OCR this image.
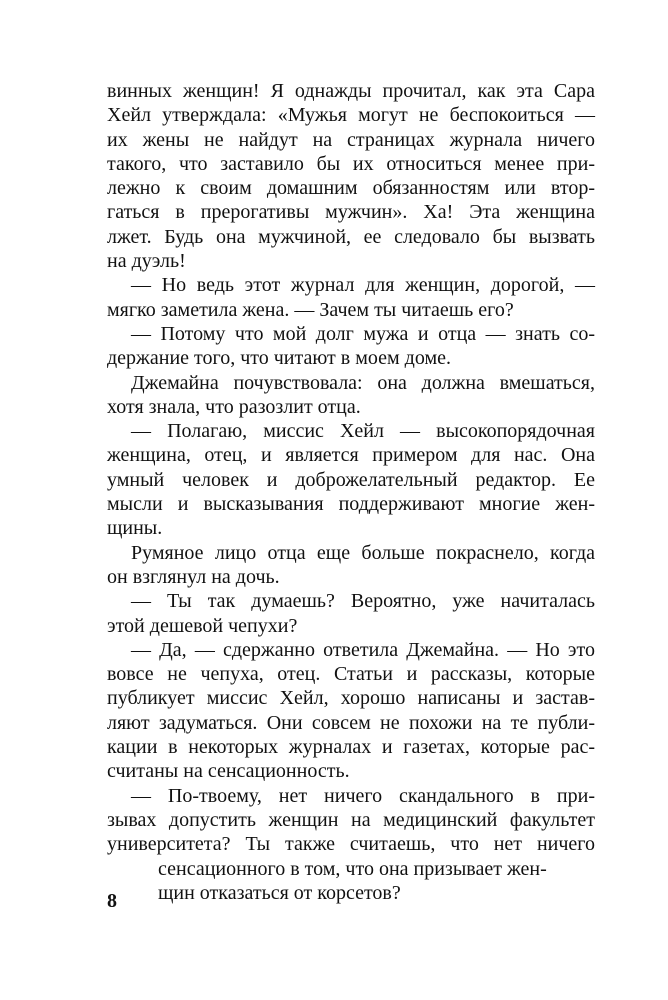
винных женщин! Я однажды прочитал, как эта Сара
Хейл утверждала: «Мужья могут не беспокоиться —
их жены не найдут на страницах журнала ничего
такого, что заставило бы их относиться менее при-
лежно к своим домашним обязанностям или втор-
гаться в прерогативы мужчин». Ха! Эта женщина
лжет. Будь она мужчиной, ее следовало бы вызвать
на дуэль!
— Но ведь этот журнал для женщин, дорогой, —
мягко заметила жена. — Зачем ты читаешь его?
— Потому что мой долг мужа и отца — знать со-
держание того, что читают в моем доме.
Джемайна почувствовала: она должна вмешаться,
хотя знала, что разозлит отца.
— Полагаю, миссис Хейл — высокопорядочная
женщина, отец, и является примером для нас. Она
умный человек и доброжелательный редактор. Ее
мысли и высказывания поддерживают многие жен-
щины.
Румяное лицо отца еще больше покраснело, когда
он взглянул на дочь.
— Ты так думаешь? Вероятно, уже начиталась
этой дешевой чепухи?
— Да, — сдержанно ответила Джемайна. — Но это
вовсе не чепуха, отец. Статьи и рассказы, которые
публикует миссис Хейл, хорошо написаны и застав-
ляют задуматься. Они совсем не похожи на те публи-
кации в некоторых журналах и газетах, которые рас-
считаны на сенсационность.
— По-твоему, нет ничего скандального в при-
зывах допустить женщин на медицинский факультет
университета? Ты также считаешь, что нет ничего
сенсационного в том, что она призывает жен-
щин отказаться от корсетов?
8
